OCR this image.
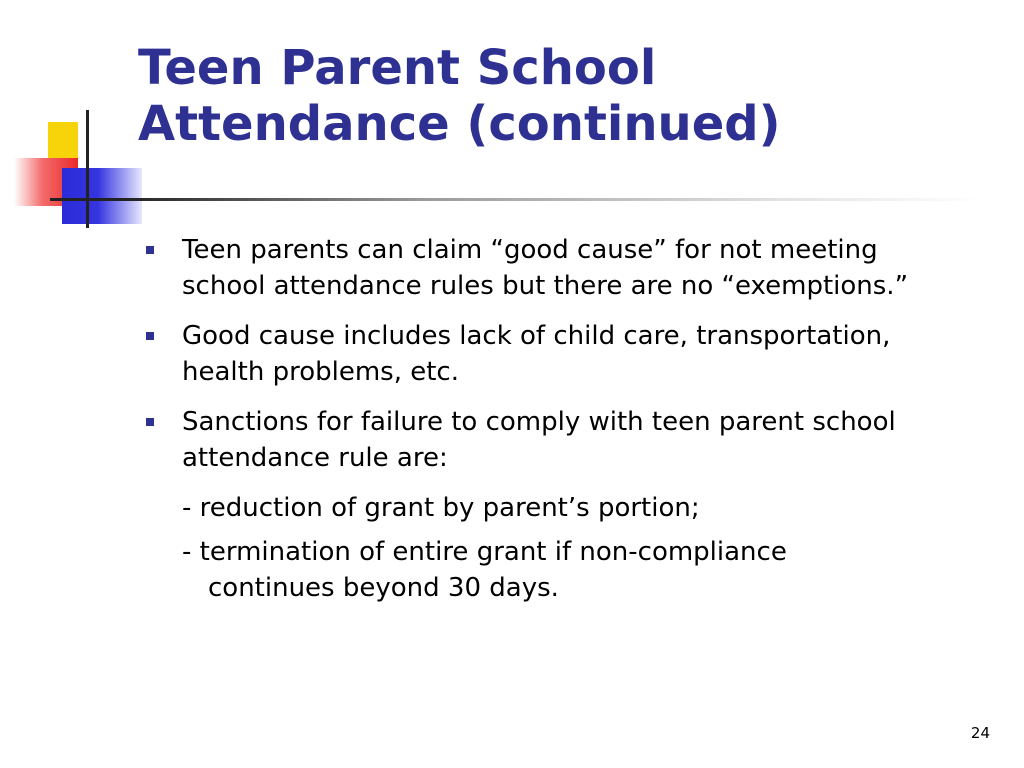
Teen Parent School
Attendance (continued)
Teen parents can claim “good cause” for not meeting school attendance rules but there are no “exemptions.”
Good cause includes lack of child care, transportation, health problems, etc.
Sanctions for failure to comply with teen parent school attendance rule are:
- reduction of grant by parent’s portion;
- termination of entire grant if non-compliance
continues beyond 30 days.
24
